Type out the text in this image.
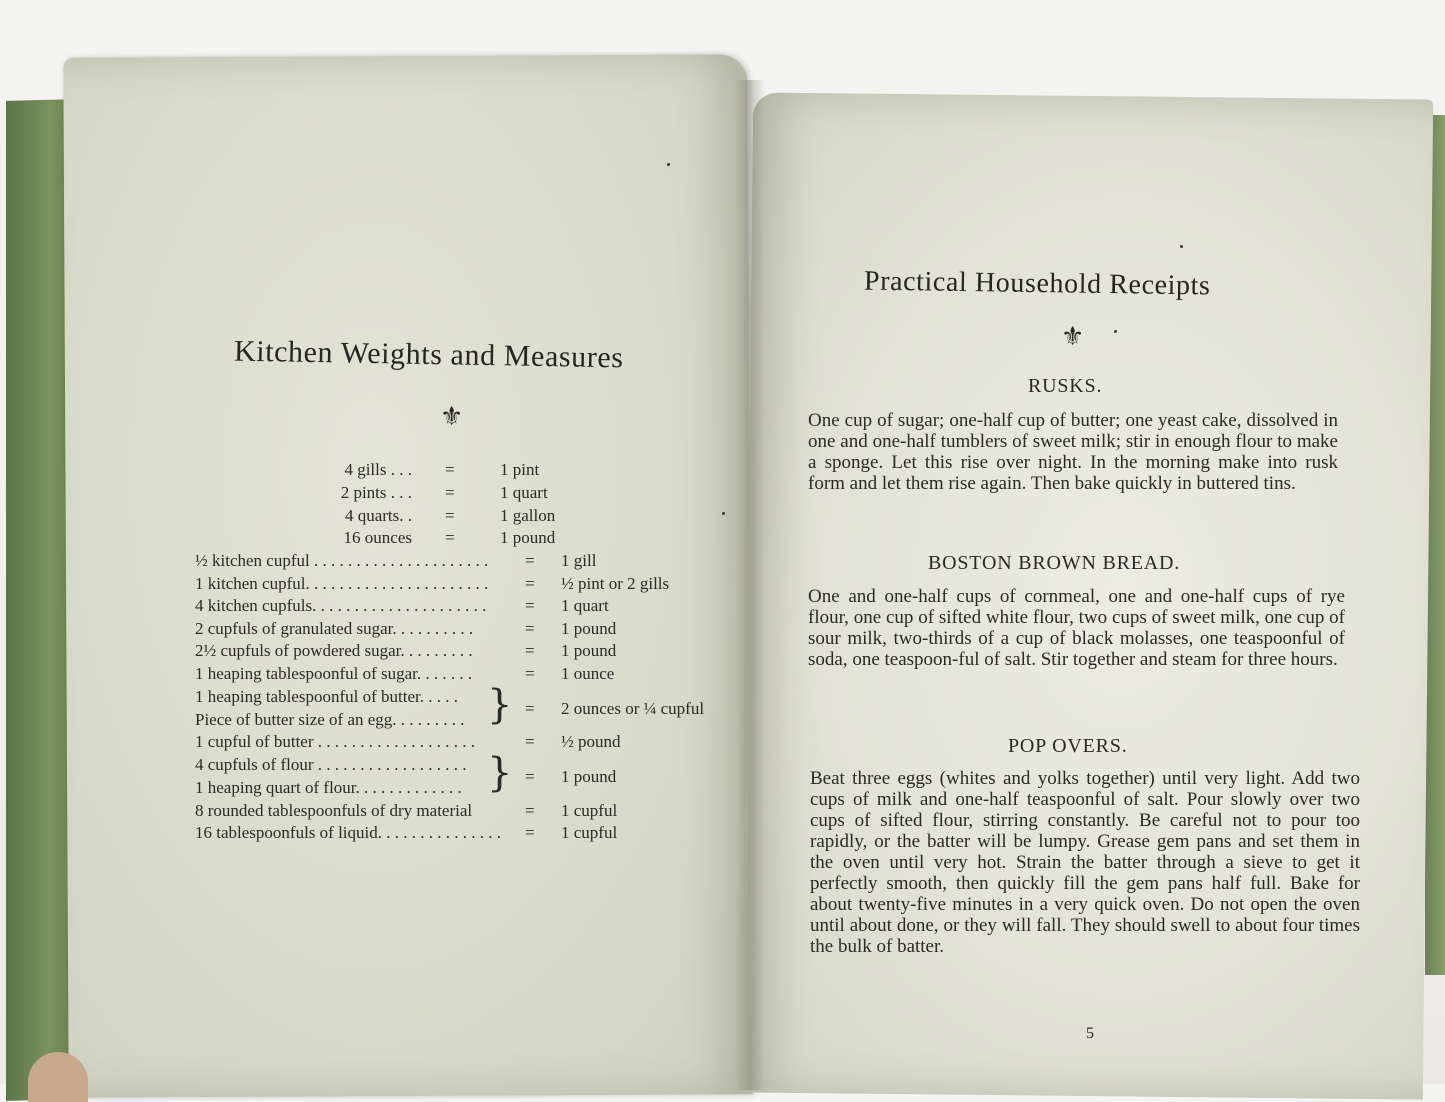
Kitchen Weights and Measures
⚜
4 gills . . . =	1 pint
2 pints . . . =	1 quart
4 quarts. . =	1 gallon
16 ounces =	1 pound
½ kitchen cupful . . . . . . . . . . . . . . . . . . . . . = 1 gill
1 kitchen cupful. . . . . . . . . . . . . . . . . . . . . . = ½ pint or 2 gills
4 kitchen cupfuls. . . . . . . . . . . . . . . . . . . . . = 1 quart
2 cupfuls of granulated sugar. . . . . . . . . .	= 1 pound
2½ cupfuls of powdered sugar. . . . . . . . .	= 1 pound
1 heaping tablespoonful of sugar. . . . . . .	= 1 ounce
1 heaping tablespoonful of butter. . . . .
Piece of butter size of an egg. . . . . . . . . } = 2 ounces or ¼ cupful
1 cupful of butter . . . . . . . . . . . . . . . . . . .	= ½ pound
4 cupfuls of flour . . . . . . . . . . . . . . . . . .
1 heaping quart of flour. . . . . . . . . . . . . } = 1 pound
8 rounded tablespoonfuls of dry material	= 1 cupful
16 tablespoonfuls of liquid. . . . . . . . . . . . . . . = 1 cupful
Practical Household Receipts
⚜
RUSKS.
One cup of sugar; one-half cup of butter; one yeast cake, dissolved in one and one-half tumblers of sweet milk; stir in enough flour to make a sponge. Let this rise over night. In the morning make into rusk form and let them rise again. Then bake quickly in buttered tins.
BOSTON BROWN BREAD.
One and one-half cups of cornmeal, one and one-half cups of rye flour, one cup of sifted white flour, two cups of sweet milk, one cup of sour milk, two-thirds of a cup of black molasses, one teaspoonful of soda, one teaspoon-ful of salt. Stir together and steam for three hours.
POP OVERS.
Beat three eggs (whites and yolks together) until very light. Add two cups of milk and one-half teaspoonful of salt. Pour slowly over two cups of sifted flour, stirring constantly. Be careful not to pour too rapidly, or the batter will be lumpy. Grease gem pans and set them in the oven until very hot. Strain the batter through a sieve to get it perfectly smooth, then quickly fill the gem pans half full. Bake for about twenty-five minutes in a very quick oven. Do not open the oven until about done, or they will fall. They should swell to about four times the bulk of batter.
5
